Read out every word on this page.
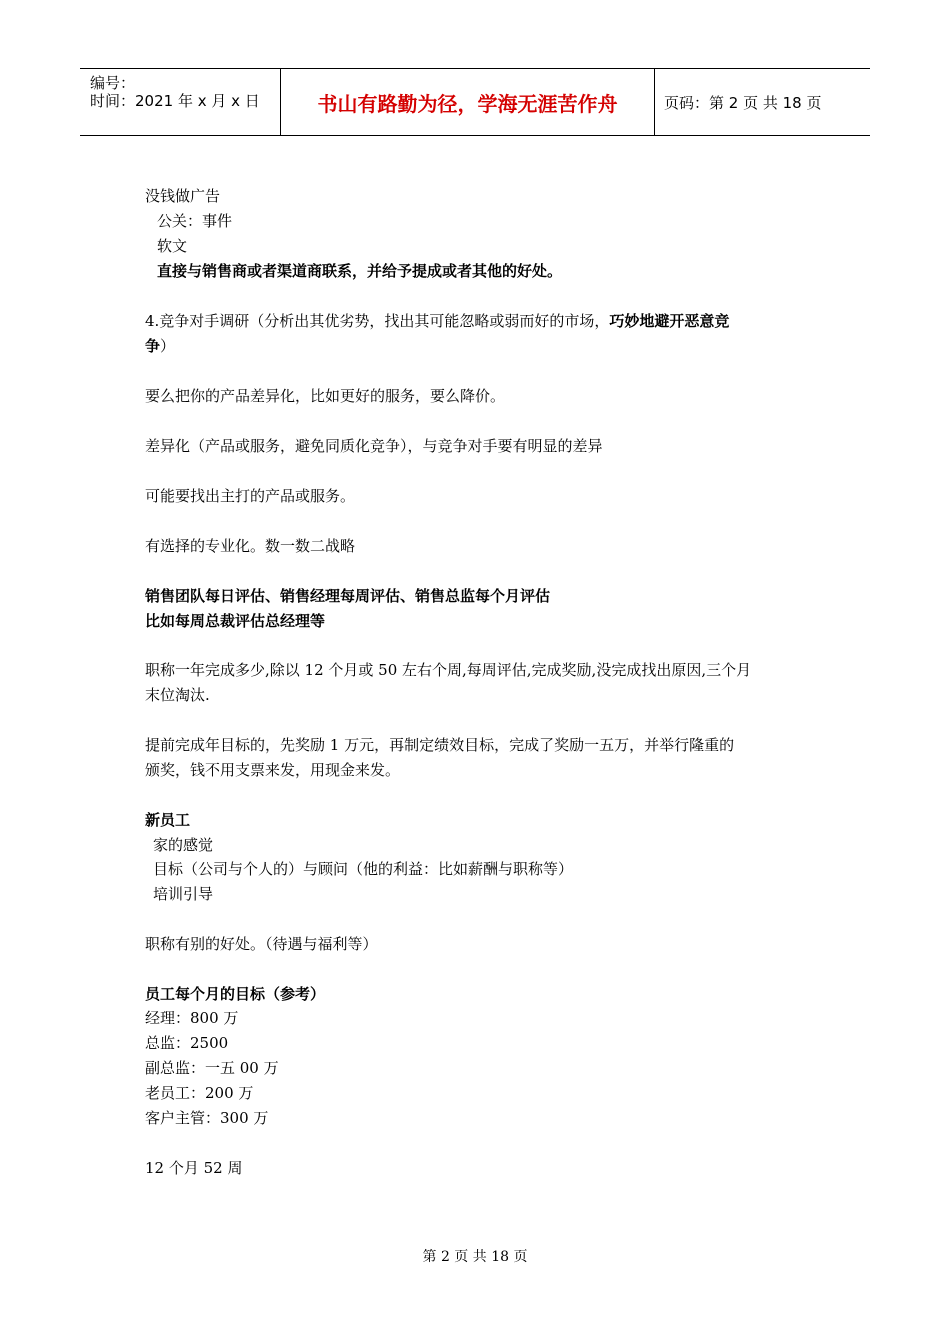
编号：
时间：2021 年 x 月 x 日	书山有路勤为径，学海无涯苦作舟	页码：第 2 页 共 18 页
没钱做广告
公关：事件
软文
直接与销售商或者渠道商联系，并给予提成或者其他的好处。
4.竞争对手调研（分析出其优劣势，找出其可能忽略或弱而好的市场，巧妙地避开恶意竞
争）
要么把你的产品差异化，比如更好的服务，要么降价。
差异化（产品或服务，避免同质化竞争），与竞争对手要有明显的差异
可能要找出主打的产品或服务。
有选择的专业化。数一数二战略
销售团队每日评估、销售经理每周评估、销售总监每个月评估
比如每周总裁评估总经理等
职称一年完成多少,除以 12 个月或 50 左右个周,每周评估,完成奖励,没完成找出原因,三个月
末位淘汰.
提前完成年目标的，先奖励 1 万元，再制定绩效目标，完成了奖励一五万，并举行隆重的
颁奖，钱不用支票来发，用现金来发。
新员工
家的感觉
目标（公司与个人的）与顾问（他的利益：比如薪酬与职称等）
培训引导
职称有别的好处。（待遇与福利等）
员工每个月的目标（参考）
经理：800 万
总监：2500
副总监：一五 00 万
老员工：200 万
客户主管：300 万
12 个月 52 周
第 2 页 共 18 页
